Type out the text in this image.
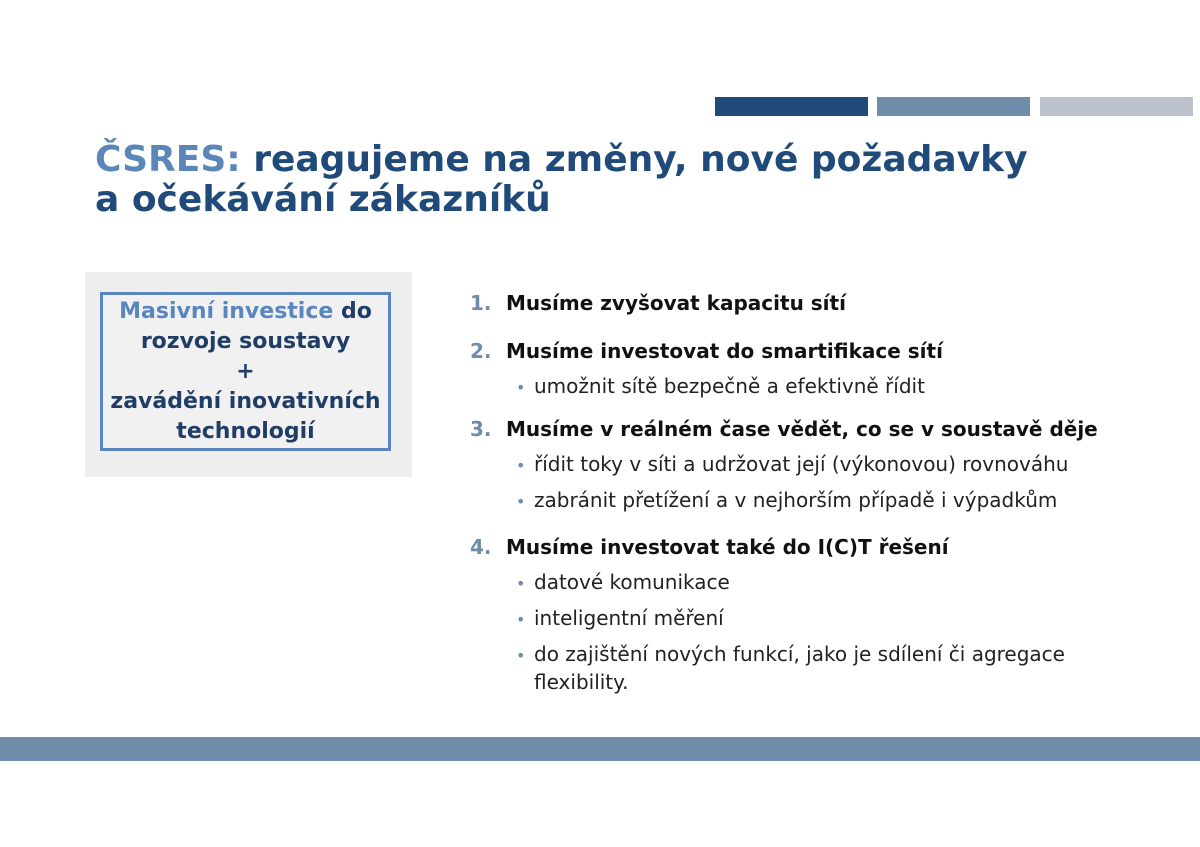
ČSRES: reagujeme na změny, nové požadavky
a očekávání zákazníků
Masivní investice do
rozvoje soustavy
+
zavádění inovativních
technologií
1. Musíme zvyšovat kapacitu sítí
2. Musíme investovat do smartifikace sítí
• umožnit sítě bezpečně a efektivně řídit
3. Musíme v reálném čase vědět, co se v soustavě děje
• řídit toky v síti a udržovat její (výkonovou) rovnováhu
• zabránit přetížení a v nejhorším případě i výpadkům
4. Musíme investovat také do I(C)T řešení
• datové komunikace
• inteligentní měření
• do zajištění nových funkcí, jako je sdílení či agregace flexibility.
